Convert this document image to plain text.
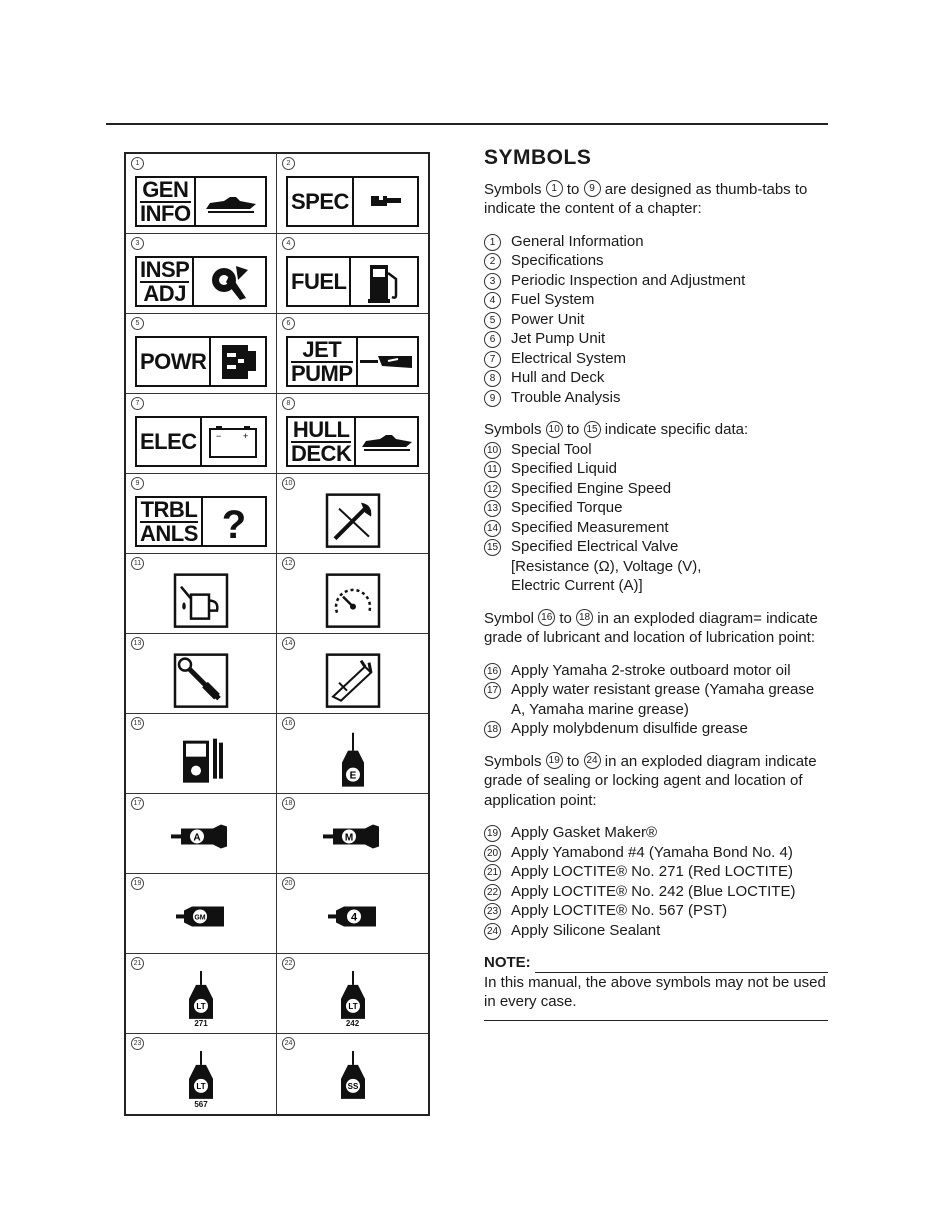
1
GEN
INFO
2
SPEC
3
INSP
ADJ
4
FUEL
5
POWR
6
JET
PUMP
7
ELEC − +
8
HULL
DECK
9
TRBL
ANLS ?
10
11	12
13	14
15	16
E
17
A
18
M
19
GM
20
4
21
LT
271
22
LT
242
23
LT
567
24
SS
SYMBOLS

Symbols 1 to 9 are designed as thumb-tabs to indicate the content of a chapter:

1	General Information
2	Specifications
3	Periodic Inspection and Adjustment
4	Fuel System
5	Power Unit
6	Jet Pump Unit
7	Electrical System
8	Hull and Deck
9	Trouble Analysis

Symbols 10 to 15 indicate specific data:

10 Special Tool
11 Specified Liquid
12 Specified Engine Speed
13 Specified Torque
14 Specified Measurement
15 Specified Electrical Valve
[Resistance (Ω), Voltage (V),
Electric Current (A)]

Symbol 16 to 18 in an exploded diagram= indicate grade of lubricant and location of lubrication point:

16 Apply Yamaha 2-stroke outboard motor oil
17 Apply water resistant grease (Yamaha grease A, Yamaha marine grease)
18 Apply molybdenum disulfide grease

Symbols 19 to 24 in an exploded diagram indicate grade of sealing or locking agent and location of application point:

19 Apply Gasket Maker®
20 Apply Yamabond #4 (Yamaha Bond No. 4)
21 Apply LOCTITE® No. 271 (Red LOCTITE)
22 Apply LOCTITE® No. 242 (Blue LOCTITE)
23 Apply LOCTITE® No. 567 (PST)
24 Apply Silicone Sealant
NOTE:
In this manual, the above symbols may not be used in every case.
